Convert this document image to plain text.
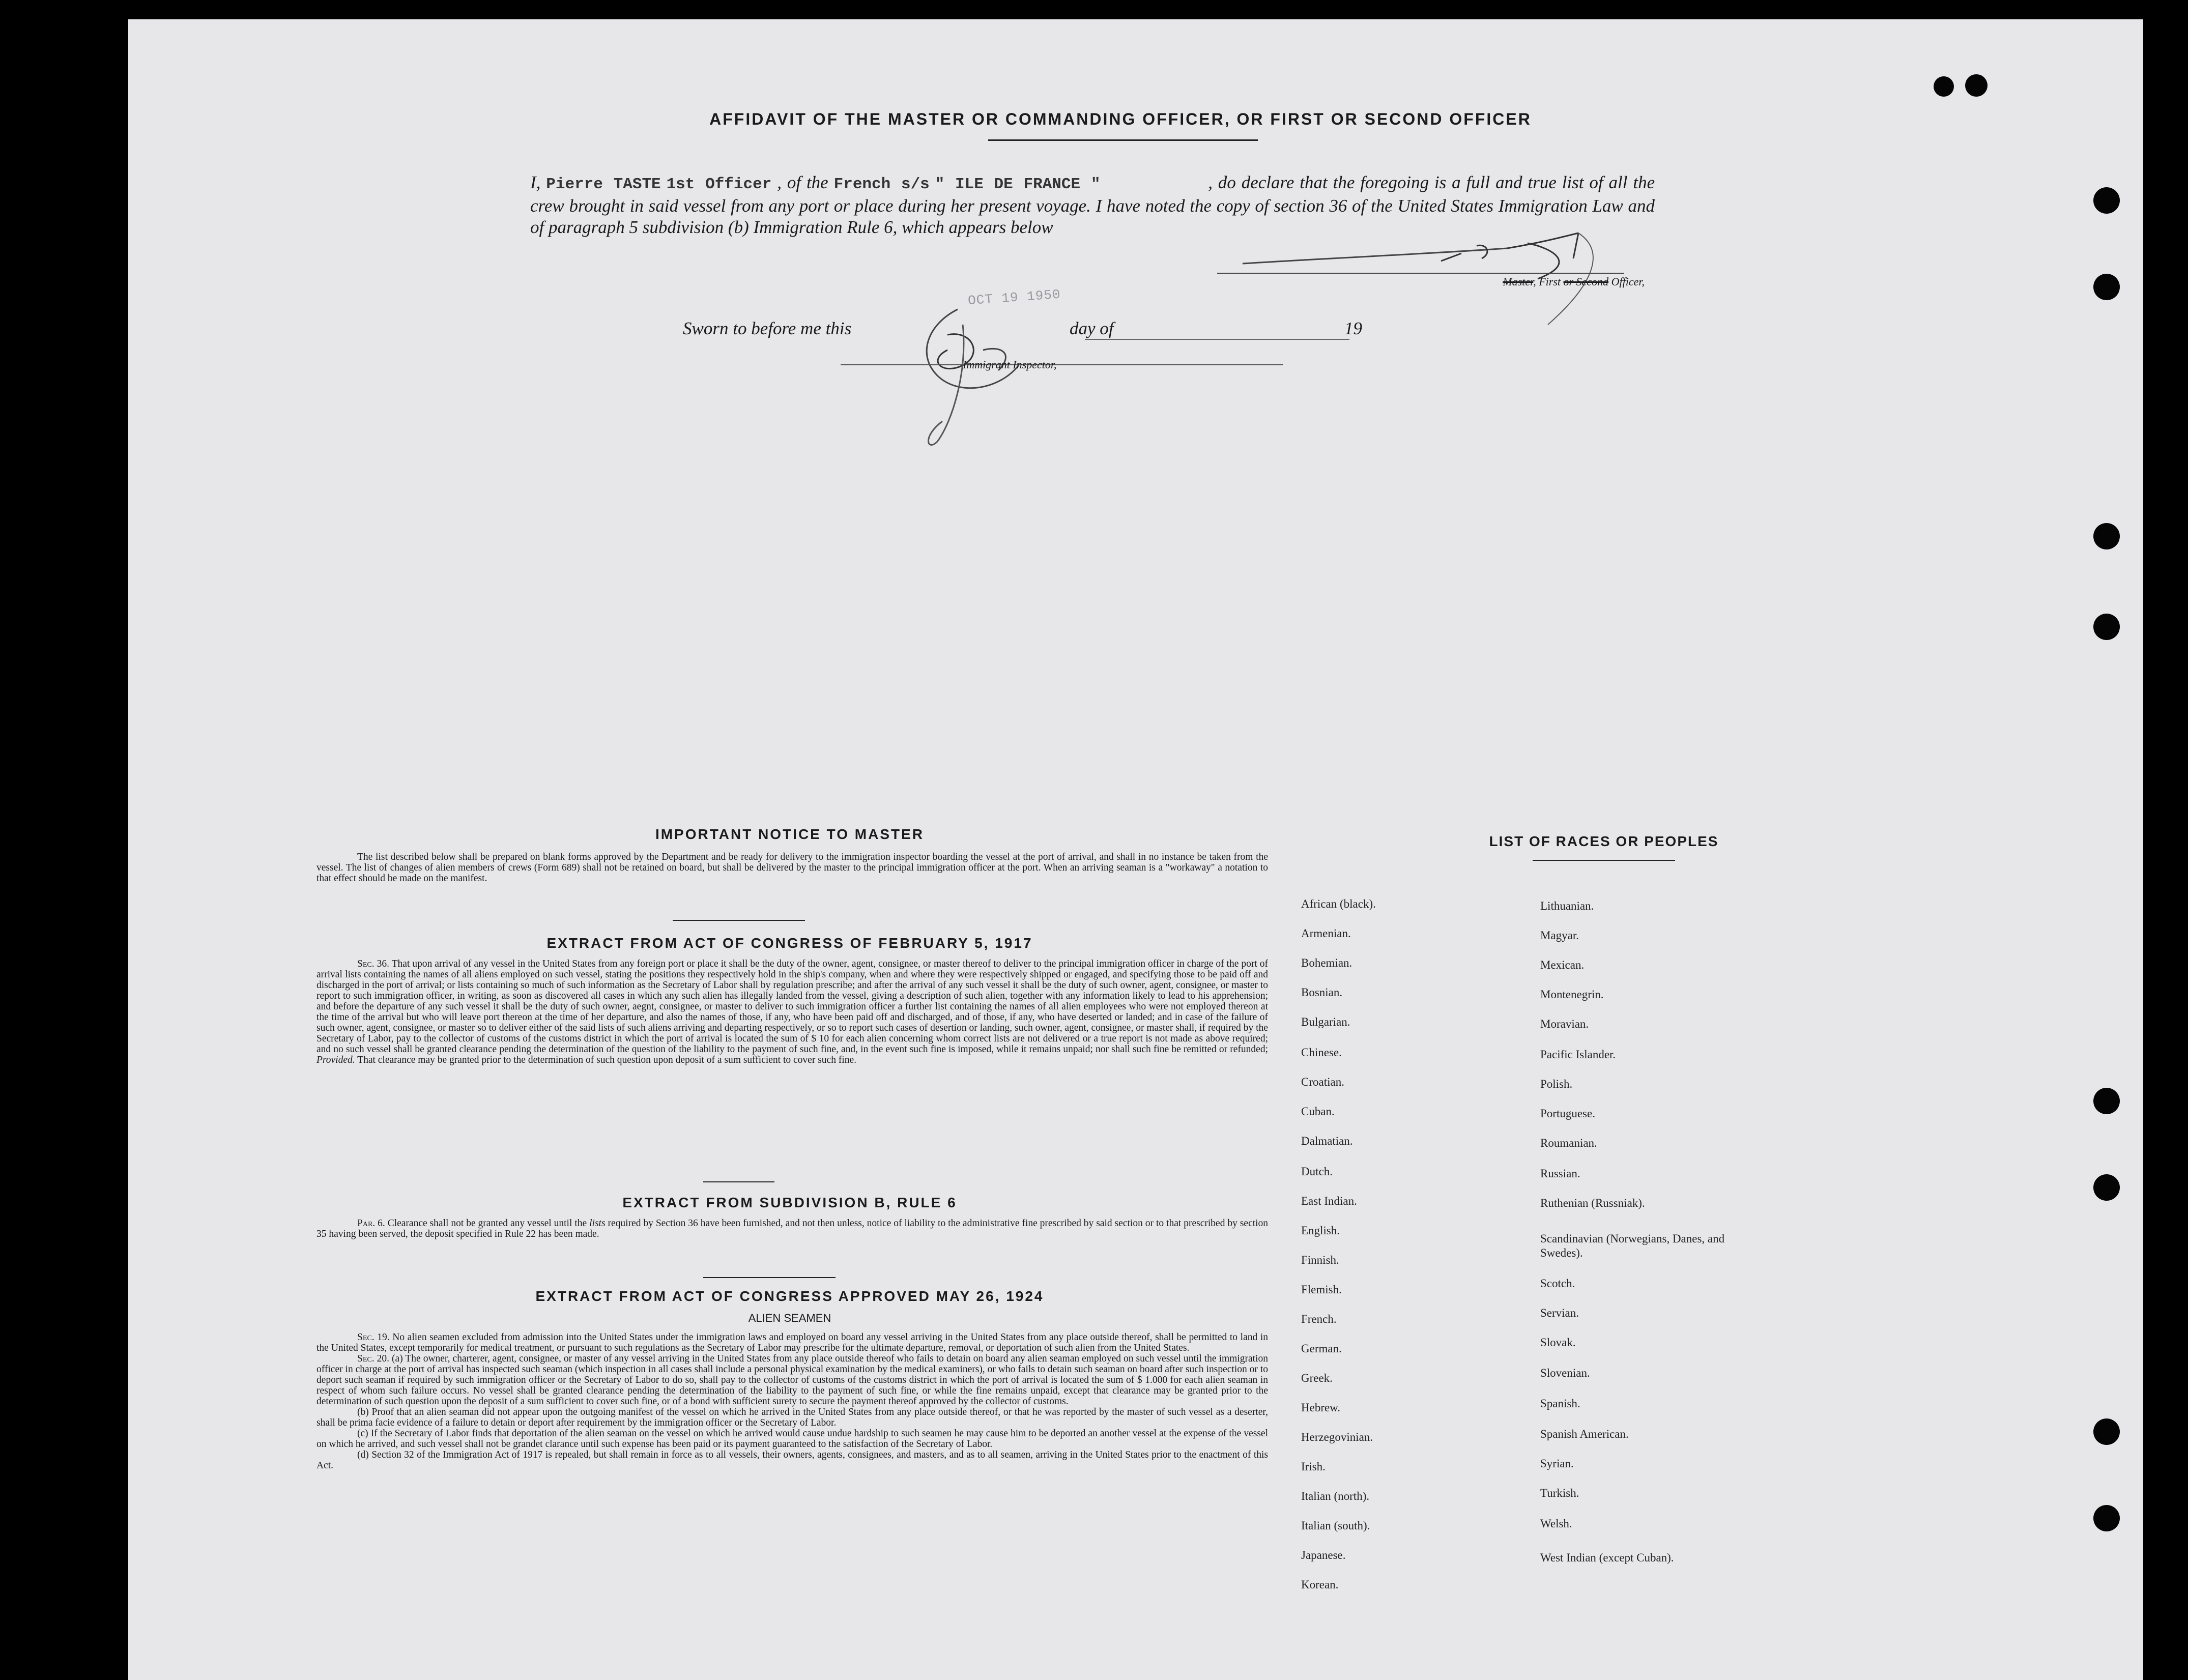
AFFIDAVIT OF THE MASTER OR COMMANDING OFFICER, OR FIRST OR SECOND OFFICER
I, Pierre TASTE 1st Officer , of the French s/s " ILE DE FRANCE "	, do declare that the foregoing is a full and true list of all the crew brought in said vessel from any port or place during her present voyage. I have noted the copy of section 36 of the United States Immigration Law and of paragraph 5 subdivision (b) Immigration Rule 6, which appears below
Master, First or Second Officer,
Sworn to before me this	day of	19
OCT 19 1950
Immigrant Inspector,
IMPORTANT NOTICE TO MASTER
The list described below shall be prepared on blank forms approved by the Department and be ready for delivery to the immigration inspector boarding the vessel at the port of arrival, and shall in no instance be taken from the vessel. The list of changes of alien members of crews (Form 689) shall not be retained on board, but shall be delivered by the master to the principal immigration officer at the port. When an arriving seaman is a "workaway" a notation to that effect should be made on the manifest.
EXTRACT FROM ACT OF CONGRESS OF FEBRUARY 5, 1917
Sec. 36. That upon arrival of any vessel in the United States from any foreign port or place it shall be the duty of the owner, agent, consignee, or master thereof to deliver to the principal immigration officer in charge of the port of arrival lists containing the names of all aliens employed on such vessel, stating the positions they respectively hold in the ship's company, when and where they were respectively shipped or engaged, and specifying those to be paid off and discharged in the port of arrival; or lists containing so much of such information as the Secretary of Labor shall by regulation prescribe; and after the arrival of any such vessel it shall be the duty of such owner, agent, consignee, or master to report to such immigration officer, in writing, as soon as discovered all cases in which any such alien has illegally landed from the vessel, giving a description of such alien, together with any information likely to lead to his apprehension; and before the departure of any such vessel it shall be the duty of such owner, aegnt, consignee, or master to deliver to such immigration officer a further list containing the names of all alien employees who were not employed thereon at the time of the arrival but who will leave port thereon at the time of her departure, and also the names of those, if any, who have been paid off and discharged, and of those, if any, who have deserted or landed; and in case of the failure of such owner, agent, consignee, or master so to deliver either of the said lists of such aliens arriving and departing respectively, or so to report such cases of desertion or landing, such owner, agent, consignee, or master shall, if required by the Secretary of Labor, pay to the collector of customs of the customs district in which the port of arrival is located the sum of $ 10 for each alien concerning whom correct lists are not delivered or a true report is not made as above required; and no such vessel shall be granted clearance pending the determination of the question of the liability to the payment of such fine, and, in the event such fine is imposed, while it remains unpaid; nor shall such fine be remitted or refunded; Provided. That clearance may be granted prior to the determination of such question upon deposit of a sum sufficient to cover such fine.
EXTRACT FROM SUBDIVISION B, RULE 6
Par. 6. Clearance shall not be granted any vessel until the lists required by Section 36 have been furnished, and not then unless, notice of liability to the administrative fine prescribed by said section or to that prescribed by section 35 having been served, the deposit specified in Rule 22 has been made.
EXTRACT FROM ACT OF CONGRESS APPROVED MAY 26, 1924
ALIEN SEAMEN

Sec. 19. No alien seamen excluded from admission into the United States under the immigration laws and employed on board any vessel arriving in the United States from any place outside thereof, shall be permitted to land in the United States, except temporarily for medical treatment, or pursuant to such regulations as the Secretary of Labor may prescribe for the ultimate departure, removal, or deportation of such alien from the United States.

Sec. 20. (a) The owner, charterer, agent, consignee, or master of any vessel arriving in the United States from any place outside thereof who fails to detain on board any alien seaman employed on such vessel until the immigration officer in charge at the port of arrival has inspected such seaman (which inspection in all cases shall include a personal physical examination by the medical examiners), or who fails to detain such seaman on board after such inspection or to deport such seaman if required by such immigration officer or the Secretary of Labor to do so, shall pay to the collector of customs of the customs district in which the port of arrival is located the sum of $ 1.000 for each alien seaman in respect of whom such failure occurs. No vessel shall be granted clearance pending the determination of the liability to the payment of such fine, or while the fine remains unpaid, except that clearance may be granted prior to the determination of such question upon the deposit of a sum sufficient to cover such fine, or of a bond with sufficient surety to secure the payment thereof approved by the collector of customs.

(b) Proof that an alien seaman did not appear upon the outgoing manifest of the vessel on which he arrived in the United States from any place outside thereof, or that he was reported by the master of such vessel as a deserter, shall be prima facie evidence of a failure to detain or deport after requirement by the immigration officer or the Secretary of Labor.

(c) If the Secretary of Labor finds that deportation of the alien seaman on the vessel on which he arrived would cause undue hardship to such seamen he may cause him to be deported an another vessel at the expense of the vessel on which he arrived, and such vessel shall not be grandet clarance until such expense has been paid or its payment guaranteed to the satisfaction of the Secretary of Labor.

(d) Section 32 of the Immigration Act of 1917 is repealed, but shall remain in force as to all vessels, their owners, agents, consignees, and masters, and as to all seamen, arriving in the United States prior to the enactment of this Act.

LIST OF RACES OR PEOPLES
African (black).
Armenian.
Bohemian.
Bosnian.
Bulgarian.
Chinese.
Croatian.
Cuban.
Dalmatian.
Dutch.
East Indian.
English.
Finnish.
Flemish.
French.
German.
Greek.
Hebrew.
Herzegovinian.
Irish.
Italian (north).
Italian (south).
Japanese.
Korean.
Lithuanian.
Magyar.
Mexican.
Montenegrin.
Moravian.
Pacific Islander.
Polish.
Portuguese.
Roumanian.
Russian.
Ruthenian (Russniak).
Scandinavian (Norwegians, Danes, and Swedes).
Scotch.
Servian.
Slovak.
Slovenian.
Spanish.
Spanish American.
Syrian.
Turkish.
Welsh.
West Indian (except Cuban).
